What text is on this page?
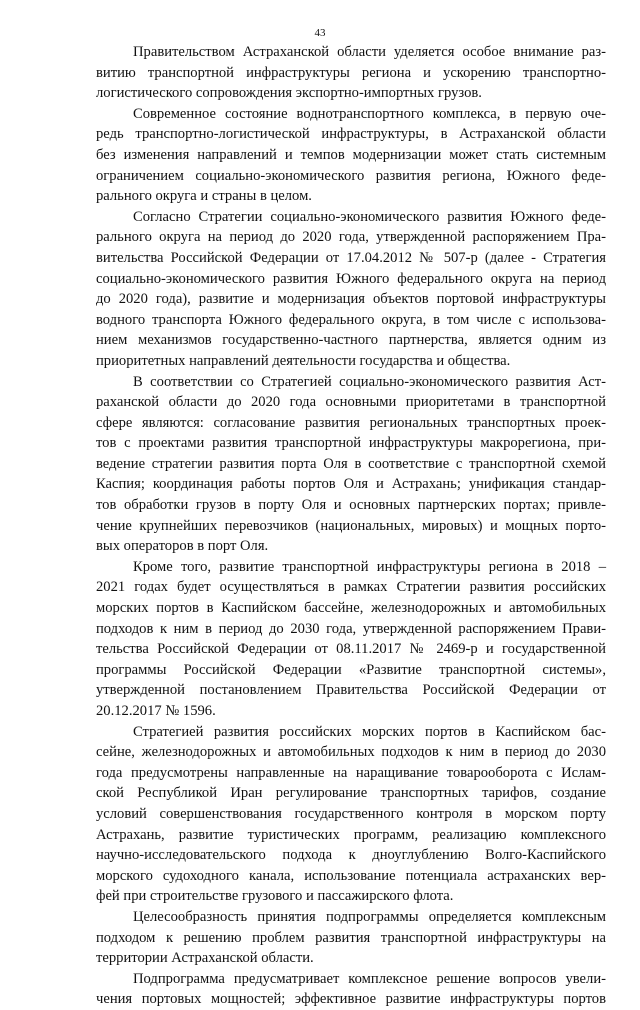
43
Правительством Астраханской области уделяется особое внимание раз-
витию транспортной инфраструктуры региона и ускорению транспортно-
логистического сопровождения экспортно-импортных грузов.
Современное состояние воднотранспортного комплекса, в первую оче-
редь транспортно-логистической инфраструктуры, в Астраханской области
без изменения направлений и темпов модернизации может стать системным
ограничением социально-экономического развития региона, Южного феде-
рального округа и страны в целом.
Согласно Стратегии социально-экономического развития Южного феде-
рального округа на период до 2020 года, утвержденной распоряжением Пра-
вительства Российской Федерации от 17.04.2012 № 507-р (далее - Стратегия
социально-экономического развития Южного федерального округа на период
до 2020 года), развитие и модернизация объектов портовой инфраструктуры
водного транспорта Южного федерального округа, в том числе с использова-
нием механизмов государственно-частного партнерства, является одним из
приоритетных направлений деятельности государства и общества.
В соответствии со Стратегией социально-экономического развития Аст-
раханской области до 2020 года основными приоритетами в транспортной
сфере являются: согласование развития региональных транспортных проек-
тов с проектами развития транспортной инфраструктуры макрорегиона, при-
ведение стратегии развития порта Оля в соответствие с транспортной схемой
Каспия; координация работы портов Оля и Астрахань; унификация стандар-
тов обработки грузов в порту Оля и основных партнерских портах; привле-
чение крупнейших перевозчиков (национальных, мировых) и мощных порто-
вых операторов в порт Оля.
Кроме того, развитие транспортной инфраструктуры региона в 2018 –
2021 годах будет осуществляться в рамках Стратегии развития российских
морских портов в Каспийском бассейне, железнодорожных и автомобильных
подходов к ним в период до 2030 года, утвержденной распоряжением Прави-
тельства Российской Федерации от 08.11.2017 № 2469-р и государственной
программы Российской Федерации «Развитие транспортной системы»,
утвержденной постановлением Правительства Российской Федерации от
20.12.2017 № 1596.
Стратегией развития российских морских портов в Каспийском бас-
сейне, железнодорожных и автомобильных подходов к ним в период до 2030
года предусмотрены направленные на наращивание товарооборота с Ислам-
ской Республикой Иран регулирование транспортных тарифов, создание
условий совершенствования государственного контроля в морском порту
Астрахань, развитие туристических программ, реализацию комплексного
научно-исследовательского подхода к дноуглублению Волго-Каспийского
морского судоходного канала, использование потенциала астраханских вер-
фей при строительстве грузового и пассажирского флота.
Целесообразность принятия подпрограммы определяется комплексным
подходом к решению проблем развития транспортной инфраструктуры на
территории Астраханской области.
Подпрограмма предусматривает комплексное решение вопросов увели-
чения портовых мощностей; эффективное развитие инфраструктуры портов
